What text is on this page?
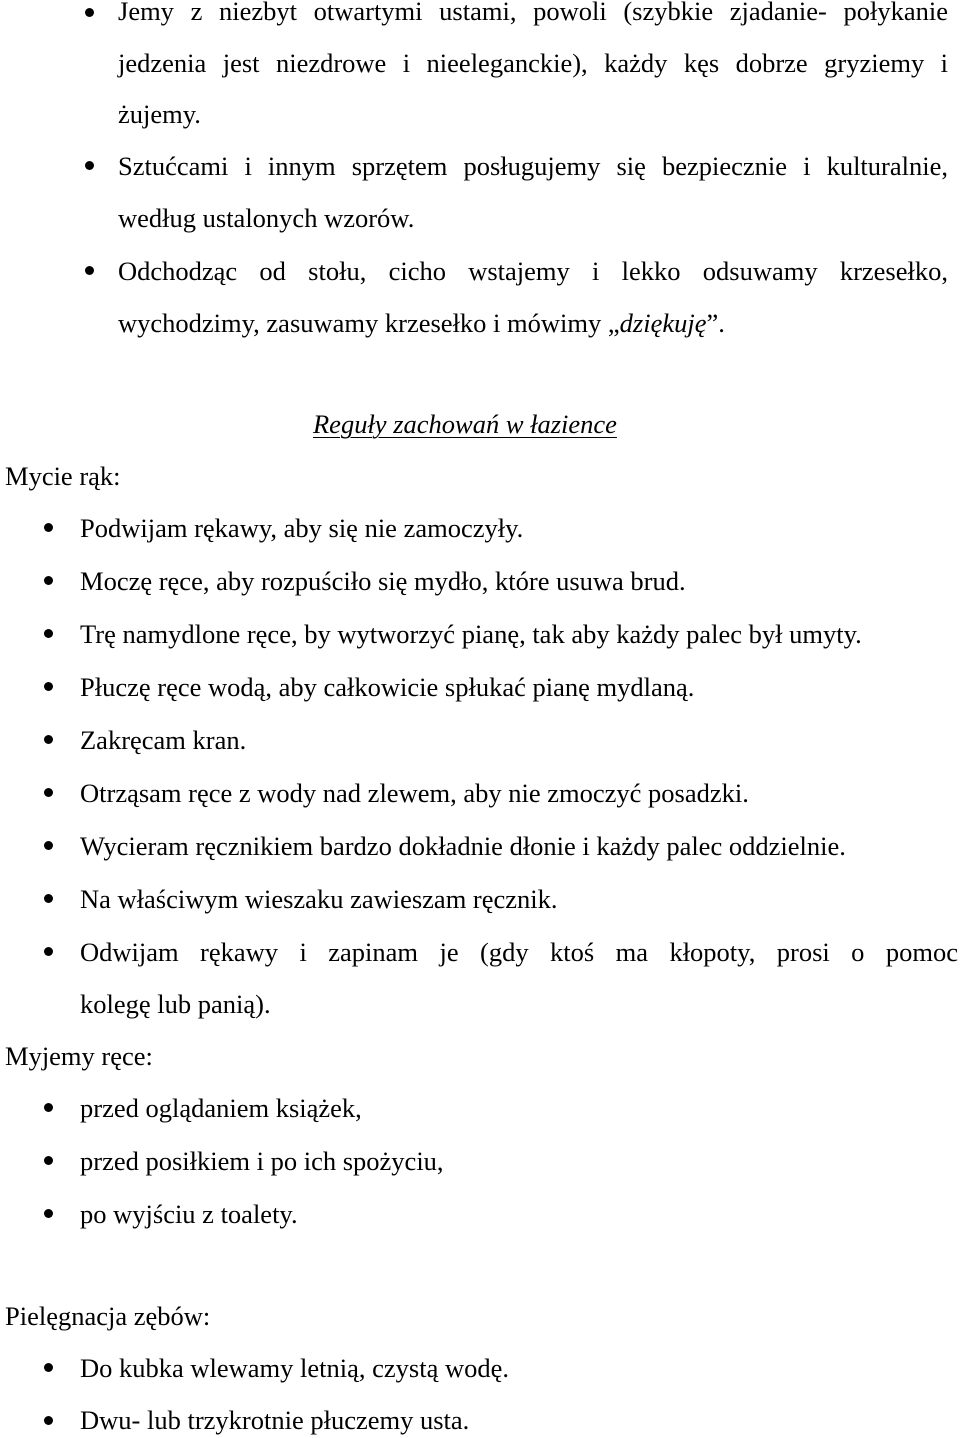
Jemy z niezbyt otwartymi ustami, powoli (szybkie zjadanie- połykanie
jedzenia jest niezdrowe i nieeleganckie), każdy kęs dobrze gryziemy i
żujemy.
Sztućcami i innym sprzętem posługujemy się bezpiecznie i kulturalnie,
według ustalonych wzorów.
Odchodząc od stołu, cicho wstajemy i lekko odsuwamy krzesełko,
wychodzimy, zasuwamy krzesełko i mówimy „dziękuję”.
Reguły zachowań w łazience
Mycie rąk:
Podwijam rękawy, aby się nie zamoczyły.
Moczę ręce, aby rozpuściło się mydło, które usuwa brud.
Trę namydlone ręce, by wytworzyć pianę, tak aby każdy palec był umyty.
Płuczę ręce wodą, aby całkowicie spłukać pianę mydlaną.
Zakręcam kran.
Otrząsam ręce z wody nad zlewem, aby nie zmoczyć posadzki.
Wycieram ręcznikiem bardzo dokładnie dłonie i każdy palec oddzielnie.
Na właściwym wieszaku zawieszam ręcznik.
Odwijam rękawy i zapinam je (gdy ktoś ma kłopoty, prosi o pomoc
kolegę lub panią).
Myjemy ręce:
przed oglądaniem książek,
przed posiłkiem i po ich spożyciu,
po wyjściu z toalety.
Pielęgnacja zębów:
Do kubka wlewamy letnią, czystą wodę.
Dwu- lub trzykrotnie płuczemy usta.
